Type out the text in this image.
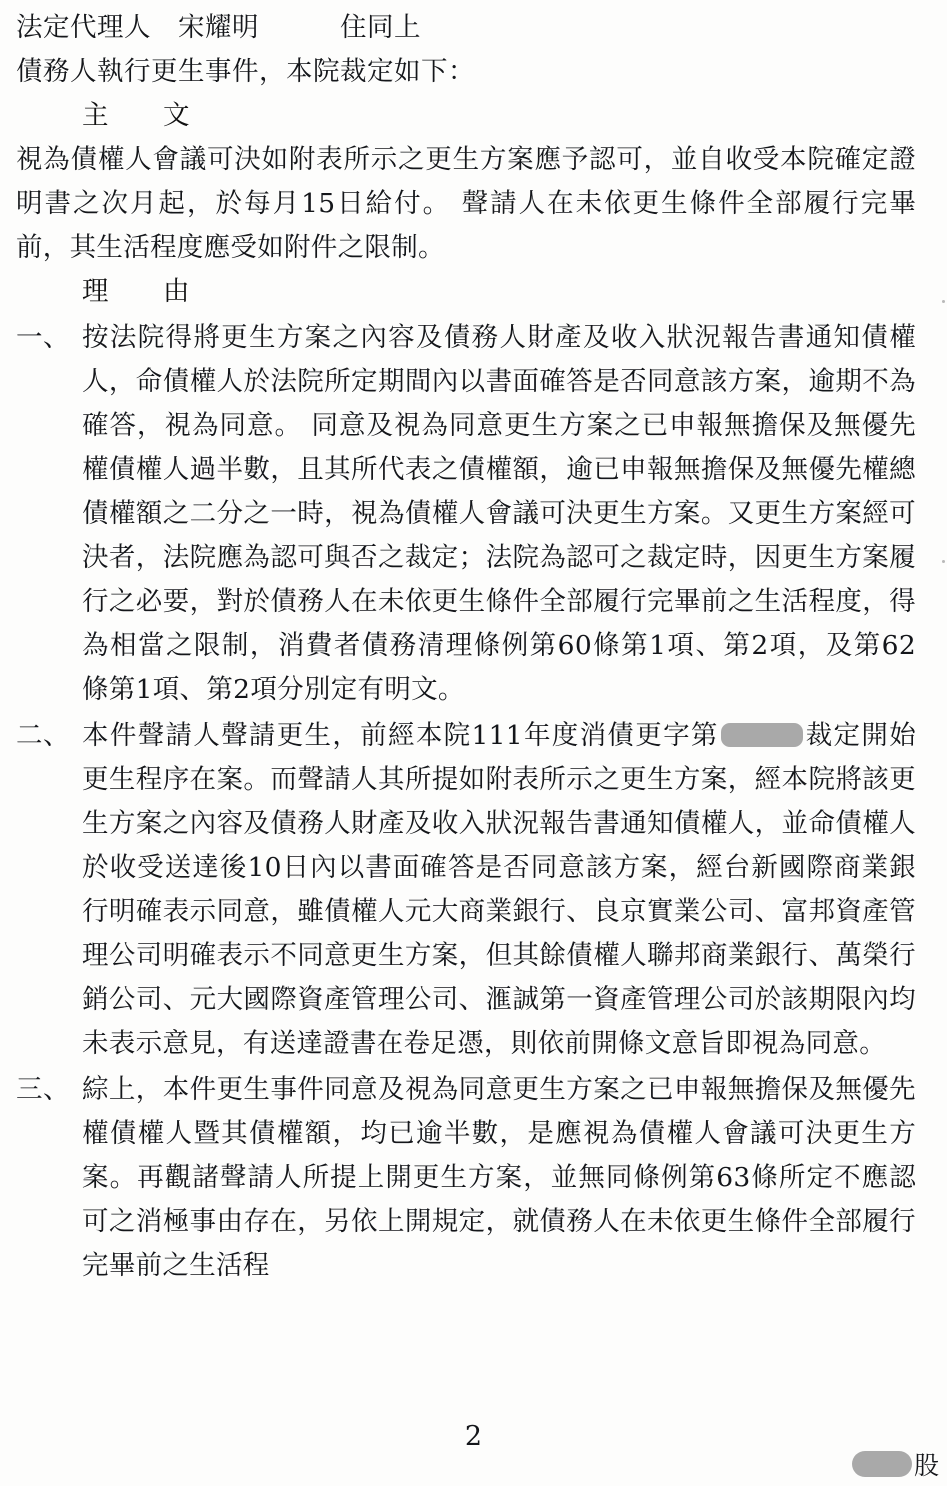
法定代理人　宋耀明　　　住同上
債務人執行更生事件，本院裁定如下：
主　文
視為債權人會議可決如附表所示之更生方案應予認可，並自收受本院確定證明書之次月起，於每月15日給付。 聲請人在未依更生條件全部履行完畢前，其生活程度應受如附件之限制。
理　由
一、 按法院得將更生方案之內容及債務人財產及收入狀況報告書通知債權人，命債權人於法院所定期間內以書面確答是否同意該方案，逾期不為確答，視為同意。 同意及視為同意更生方案之已申報無擔保及無優先權債權人過半數，且其所代表之債權額，逾已申報無擔保及無優先權總債權額之二分之一時，視為債權人會議可決更生方案。又更生方案經可決者，法院應為認可與否之裁定；法院為認可之裁定時，因更生方案履行之必要，對於債務人在未依更生條件全部履行完畢前之生活程度，得為相當之限制，消費者債務清理條例第60條第1項、第2項，及第62　條第1項、第2項分別定有明文。
二、 本件聲請人聲請更生，前經本院111年度消債更字第	裁定開始更生程序在案。而聲請人其所提如附表所示之更生方案，經本院將該更生方案之內容及債務人財產及收入狀況報告書通知債權人，並命債權人於收受送達後10日內以書面確答是否同意該方案，經台新國際商業銀行明確表示同意，雖債權人元大商業銀行、良京實業公司、富邦資產管理公司明確表示不同意更生方案，但其餘債權人聯邦商業銀行、萬榮行銷公司、元大國際資產管理公司、滙誠第一資產管理公司於該期限內均未表示意見，有送達證書在卷足憑，則依前開條文意旨即視為同意。
三、 綜上，本件更生事件同意及視為同意更生方案之已申報無擔保及無優先權債權人暨其債權額，均已逾半數，是應視為債權人會議可決更生方案。再觀諸聲請人所提上開更生方案，並無同條例第63條所定不應認可之消極事由存在，另依上開規定，就債務人在未依更生條件全部履行完畢前之生活程
2
股
